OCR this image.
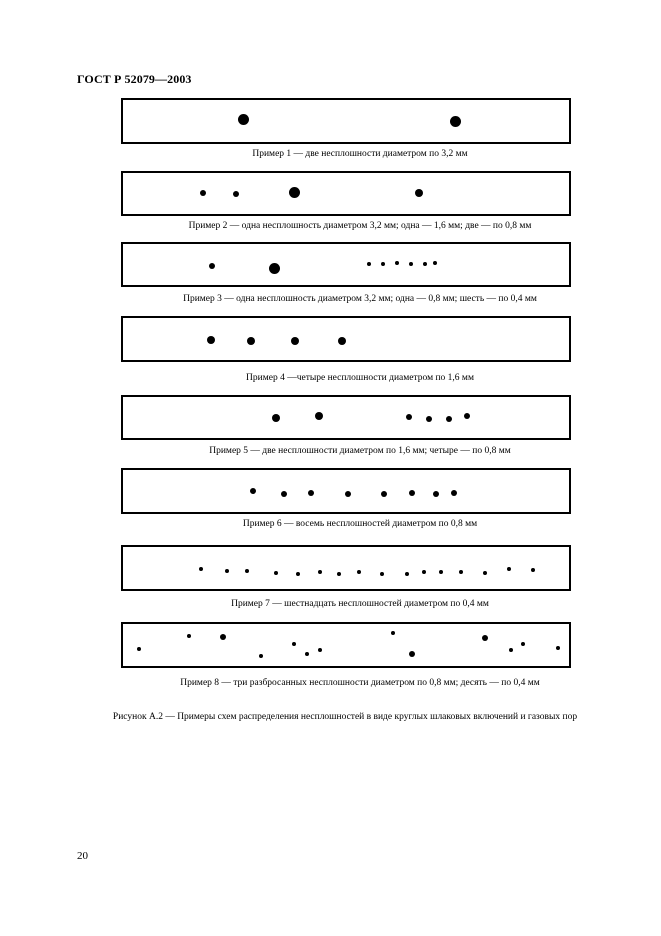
ГОСТ Р 52079—2003
Пример 1 — две несплошности диаметром по 3,2 мм
Пример 2 — одна несплошность диаметром 3,2 мм; одна — 1,6 мм; две — по 0,8 мм
Пример 3 — одна несплошность диаметром 3,2 мм; одна — 0,8 мм; шесть — по 0,4 мм
Пример 4 —четыре несплошности диаметром по 1,6 мм
Пример 5 — две несплошности диаметром по 1,6 мм; четыре — по 0,8 мм
Пример 6 — восемь несплошностей диаметром по 0,8 мм
Пример 7 — шестнадцать несплошностей диаметром по 0,4 мм
Пример 8 — три разбросанных несплошности диаметром по 0,8 мм; десять — по 0,4 мм
Рисунок А.2 — Примеры схем распределения несплошностей в виде круглых шлаковых включений и газовых пор
20
